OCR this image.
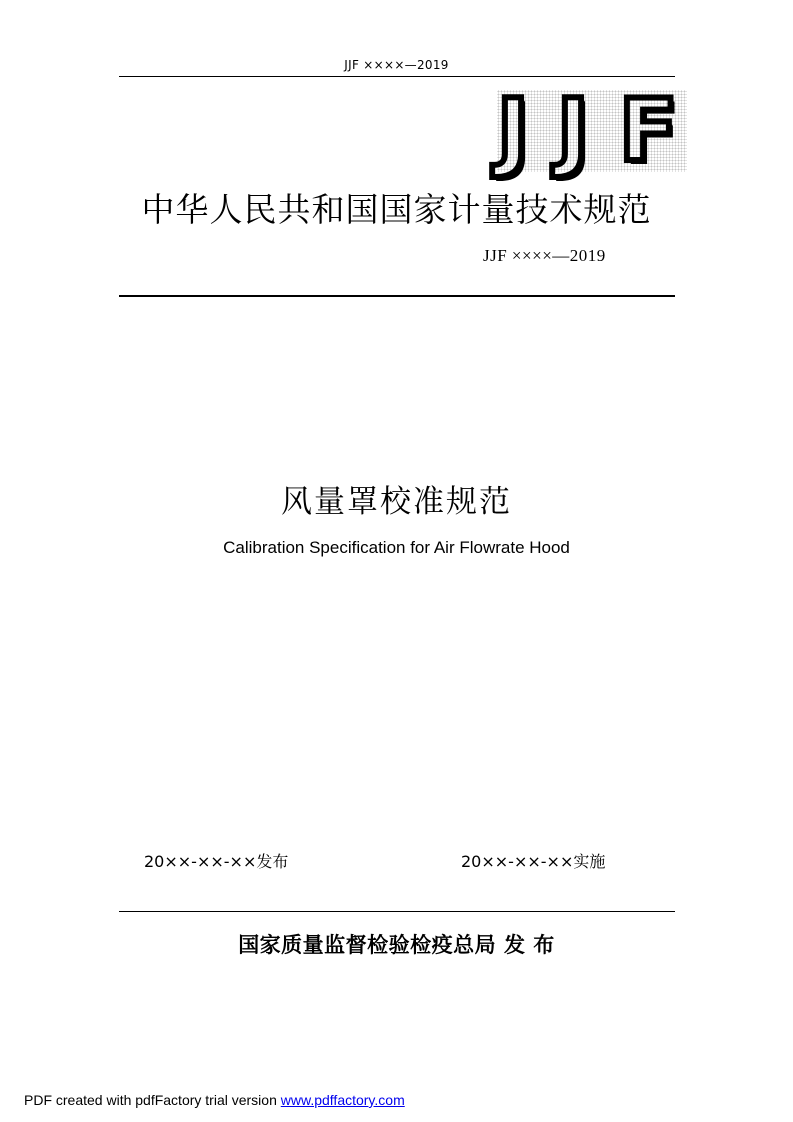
JJF ××××—2019
J J F
中华人民共和国国家计量技术规范
JJF ××××—2019
风量罩校准规范
Calibration Specification for Air Flowrate Hood
20××-××-××发布	20××-××-××实施
国家质量监督检验检疫总局 发 布
PDF created with pdfFactory trial version www.pdffactory.com
